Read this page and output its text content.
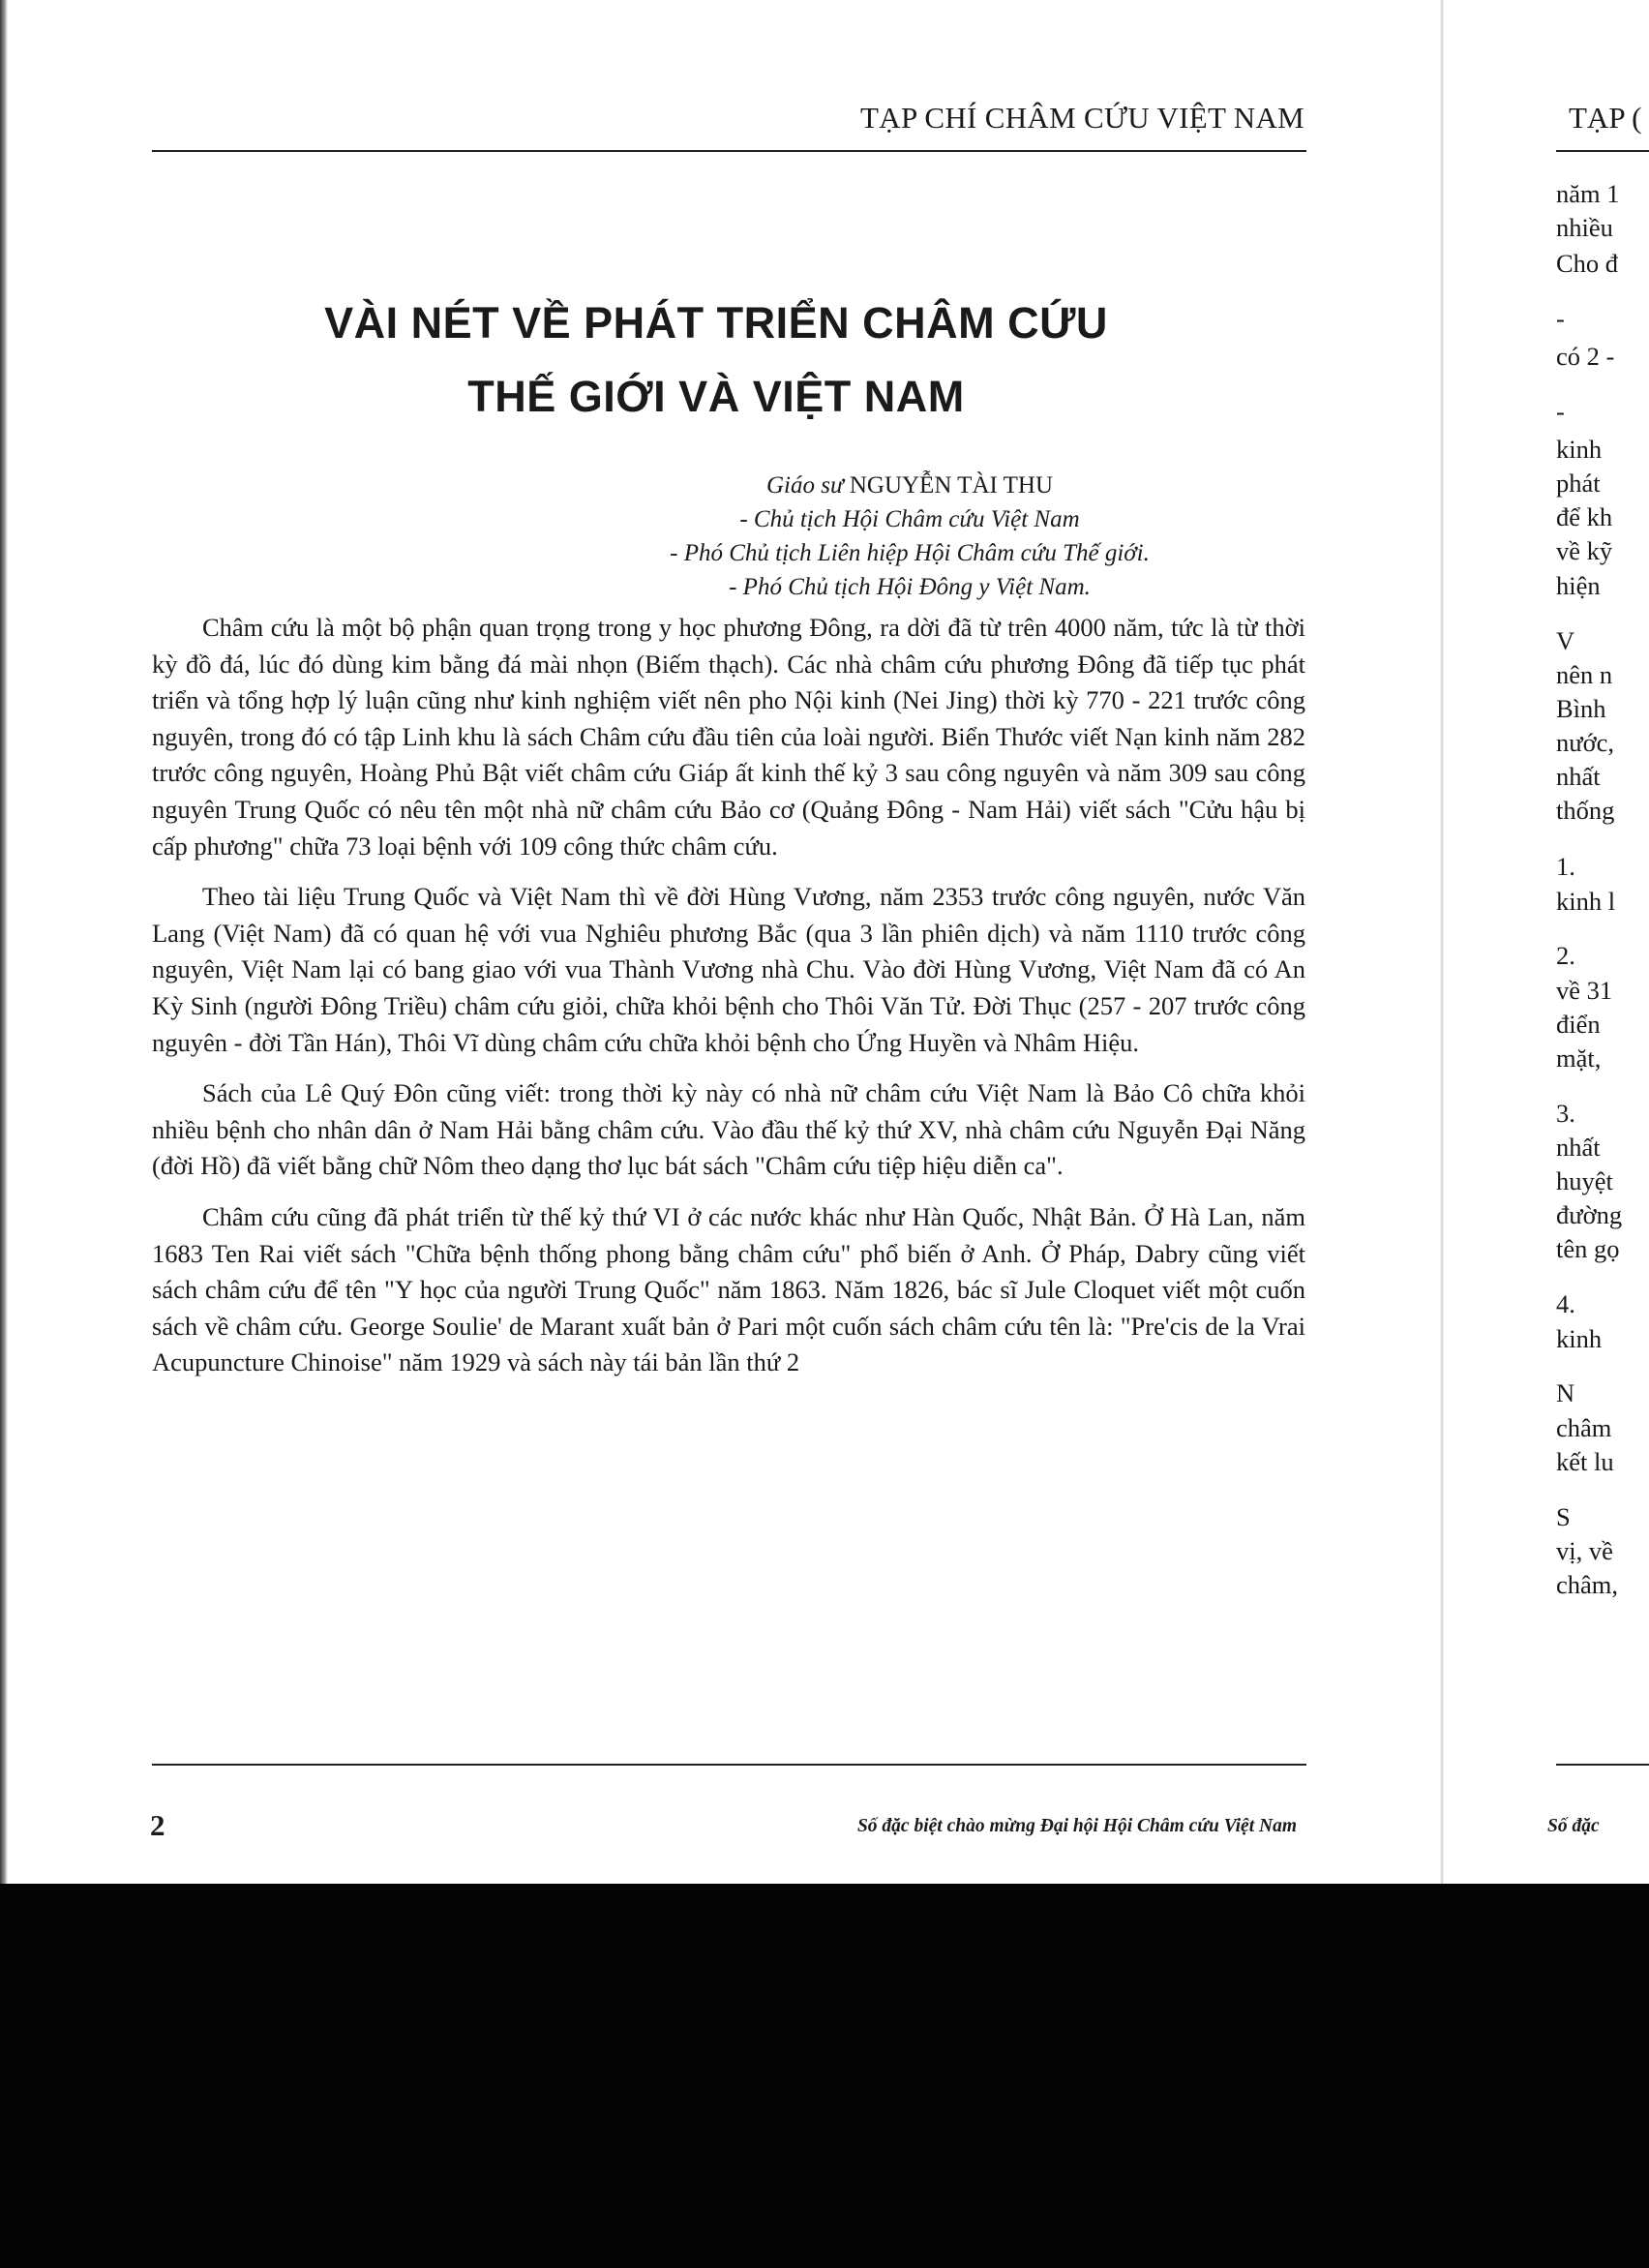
TẠP CHÍ CHÂM CỨU VIỆT NAM
VÀI NÉT VỀ PHÁT TRIỂN CHÂM CỨU
THẾ GIỚI VÀ VIỆT NAM
Giáo sư NGUYỄN TÀI THU
- Chủ tịch Hội Châm cứu Việt Nam
- Phó Chủ tịch Liên hiệp Hội Châm cứu Thế giới.
- Phó Chủ tịch Hội Đông y Việt Nam.

Châm cứu là một bộ phận quan trọng trong y học phương Đông, ra dời đã từ trên 4000 năm, tức là từ thời kỳ đồ đá, lúc đó dùng kim bằng đá mài nhọn (Biếm thạch). Các nhà châm cứu phương Đông đã tiếp tục phát triển và tổng hợp lý luận cũng như kinh nghiệm viết nên pho Nội kinh (Nei Jing) thời kỳ 770 - 221 trước công nguyên, trong đó có tập Linh khu là sách Châm cứu đầu tiên của loài người. Biển Thước viết Nạn kinh năm 282 trước công nguyên, Hoàng Phủ Bật viết châm cứu Giáp ất kinh thế kỷ 3 sau công nguyên và năm 309 sau công nguyên Trung Quốc có nêu tên một nhà nữ châm cứu Bảo cơ (Quảng Đông - Nam Hải) viết sách "Cửu hậu bị cấp phương" chữa 73 loại bệnh với 109 công thức châm cứu.

Theo tài liệu Trung Quốc và Việt Nam thì về đời Hùng Vương, năm 2353 trước công nguyên, nước Văn Lang (Việt Nam) đã có quan hệ với vua Nghiêu phương Bắc (qua 3 lần phiên dịch) và năm 1110 trước công nguyên, Việt Nam lại có bang giao với vua Thành Vương nhà Chu. Vào đời Hùng Vương, Việt Nam đã có An Kỳ Sinh (người Đông Triều) châm cứu giỏi, chữa khỏi bệnh cho Thôi Văn Tử. Đời Thục (257 - 207 trước công nguyên - đời Tần Hán), Thôi Vĩ dùng châm cứu chữa khỏi bệnh cho Ứng Huyền và Nhâm Hiệu.

Sách của Lê Quý Đôn cũng viết: trong thời kỳ này có nhà nữ châm cứu Việt Nam là Bảo Cô chữa khỏi nhiều bệnh cho nhân dân ở Nam Hải bằng châm cứu. Vào đầu thế kỷ thứ XV, nhà châm cứu Nguyễn Đại Năng (đời Hồ) đã viết bằng chữ Nôm theo dạng thơ lục bát sách "Châm cứu tiệp hiệu diễn ca".

Châm cứu cũng đã phát triển từ thế kỷ thứ VI ở các nước khác như Hàn Quốc, Nhật Bản. Ở Hà Lan, năm 1683 Ten Rai viết sách "Chữa bệnh thống phong bằng châm cứu" phổ biến ở Anh. Ở Pháp, Dabry cũng viết sách châm cứu để tên "Y học của người Trung Quốc" năm 1863. Năm 1826, bác sĩ Jule Cloquet viết một cuốn sách về châm cứu. George Soulie' de Marant xuất bản ở Pari một cuốn sách châm cứu tên là: "Pre'cis de la Vrai Acupuncture Chinoise" năm 1929 và sách này tái bản lần thứ 2

2	Số đặc biệt chào mừng Đại hội Hội Châm cứu Việt Nam
TẠP (
năm 1
nhiều
Cho đ
-
có 2 -
-
kinh
phát
để kh
về kỹ
hiện
V
nên n
Bình
nước,
nhất
thống
1.
kinh l
2.
về 31
điển
mặt,
3.
nhất
huyệt
đường
tên gọ
4.
kinh
N
châm
kết lu
S
vị, về
châm,
Số đặc
